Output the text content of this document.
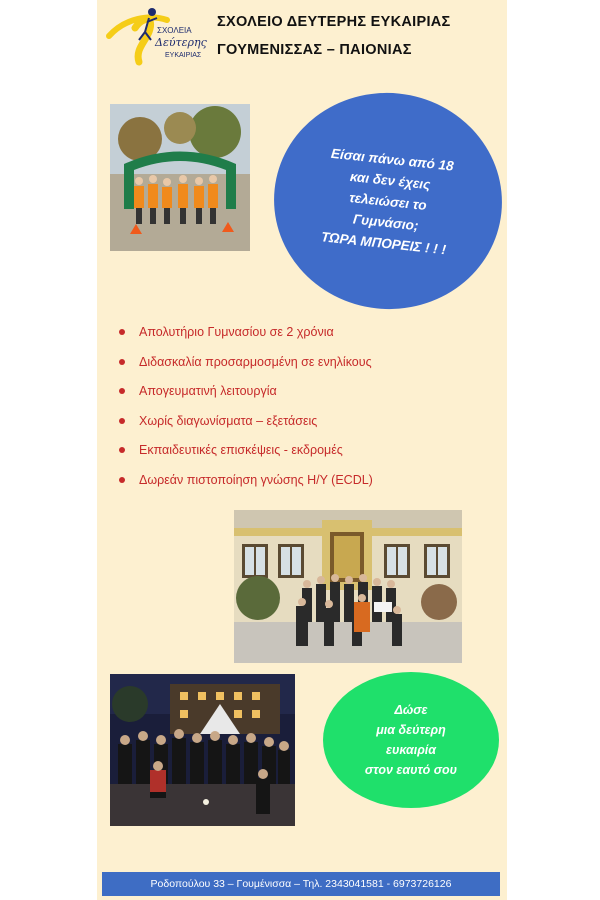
ΣΧΟΛΕΙΑ
Δεύτερης
ΕΥΚΑΙΡΙΑΣ
ΣΧΟΛΕΙΟ ΔΕΥΤΕΡΗΣ ΕΥΚΑΙΡΙΑΣ
ΓΟΥΜΕΝΙΣΣΑΣ – ΠΑΙΟΝΙΑΣ
Είσαι πάνω από 18
και δεν έχεις
τελειώσει το
Γυμνάσιο;
ΤΩΡΑ ΜΠΟΡΕΙΣ ! ! !
Απολυτήριο Γυμνασίου σε 2 χρόνια
Διδασκαλία προσαρμοσμένη σε ενηλίκους
Απογευματινή λειτουργία
Χωρίς διαγωνίσματα – εξετάσεις
Εκπαιδευτικές επισκέψεις - εκδρομές
Δωρεάν πιστοποίηση γνώσης Η/Υ (ECDL)
Δώσε
μια δεύτερη
ευκαιρία
στον εαυτό σου
Ροδοπούλου 33 – Γουμένισσα – Τηλ. 2343041581 - 6973726126
